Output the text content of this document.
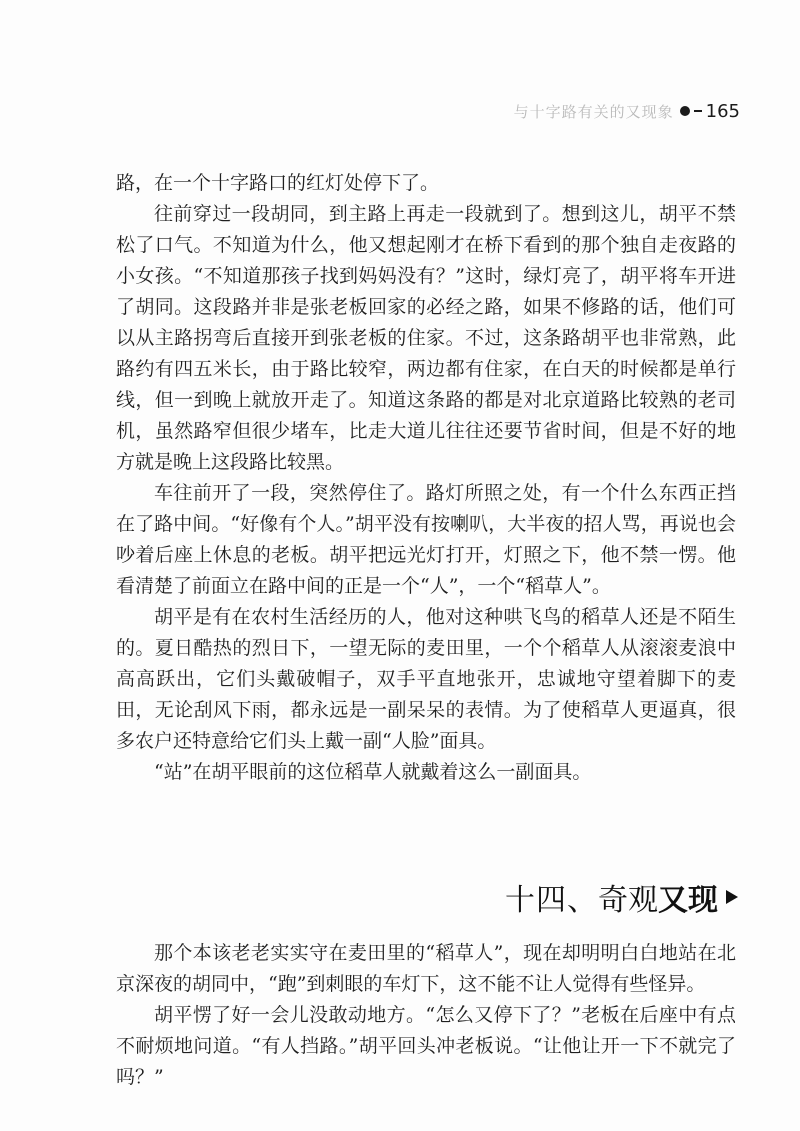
与十字路有关的又现象 165

路，在一个十字路口的红灯处停下了。

往前穿过一段胡同，到主路上再走一段就到了。想到这儿，胡平不禁松了口气。不知道为什么，他又想起刚才在桥下看到的那个独自走夜路的小女孩。“不知道那孩子找到妈妈没有？”这时，绿灯亮了，胡平将车开进了胡同。这段路并非是张老板回家的必经之路，如果不修路的话，他们可以从主路拐弯后直接开到张老板的住家。不过，这条路胡平也非常熟，此路约有四五米长，由于路比较窄，两边都有住家，在白天的时候都是单行线，但一到晚上就放开走了。知道这条路的都是对北京道路比较熟的老司机，虽然路窄但很少堵车，比走大道儿往往还要节省时间，但是不好的地方就是晚上这段路比较黑。

车往前开了一段，突然停住了。路灯所照之处，有一个什么东西正挡在了路中间。“好像有个人。”胡平没有按喇叭，大半夜的招人骂，再说也会吵着后座上休息的老板。胡平把远光灯打开，灯照之下，他不禁一愣。他看清楚了前面立在路中间的正是一个“人”，一个“稻草人”。

胡平是有在农村生活经历的人，他对这种哄飞鸟的稻草人还是不陌生的。夏日酷热的烈日下，一望无际的麦田里，一个个稻草人从滚滚麦浪中高高跃出，它们头戴破帽子，双手平直地张开，忠诚地守望着脚下的麦田，无论刮风下雨，都永远是一副呆呆的表情。为了使稻草人更逼真，很多农户还特意给它们头上戴一副“人脸”面具。

“站”在胡平眼前的这位稻草人就戴着这么一副面具。

十四、 奇观 又现

那个本该老老实实守在麦田里的“稻草人”，现在却明明白白地站在北京深夜的胡同中，“跑”到刺眼的车灯下，这不能不让人觉得有些怪异。

胡平愣了好一会儿没敢动地方。“怎么又停下了？”老板在后座中有点不耐烦地问道。“有人挡路。”胡平回头冲老板说。“让他让开一下不就完了吗？”
